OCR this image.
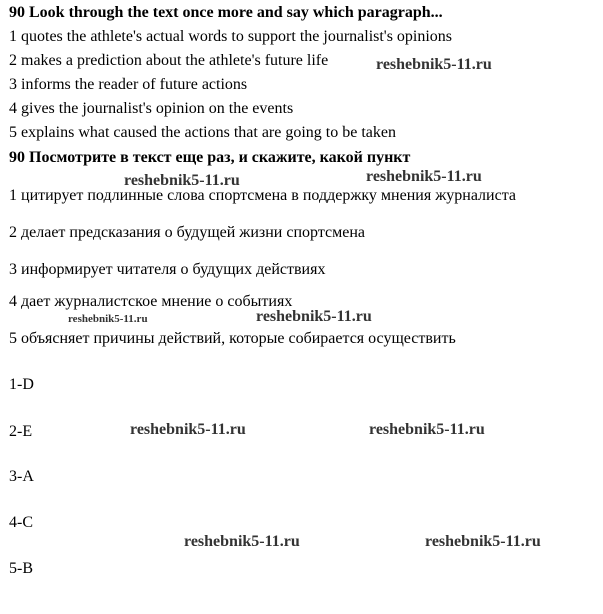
90 Look through the text once more and say which paragraph...
1 quotes the athlete's actual words to support the journalist's opinions
2 makes a prediction about the athlete's future life
3 informs the reader of future actions
4 gives the journalist's opinion on the events
5 explains what caused the actions that are going to be taken
90 Посмотрите в текст еще раз, и скажите, какой пункт
1 цитирует подлинные слова спортсмена в поддержку мнения журналиста
2 делает предсказания о будущей жизни спортсмена
3 информирует читателя о будущих действиях
4 дает журналистское мнение о событиях
5 объясняет причины действий, которые собирается осуществить
1-D
2-E
3-A
4-C
5-B
reshebnik5-11.ru
reshebnik5-11.ru	reshebnik5-11.ru
reshebnik5-11.ru	reshebnik5-11.ru
reshebnik5-11.ru	reshebnik5-11.ru
reshebnik5-11.ru	reshebnik5-11.ru
